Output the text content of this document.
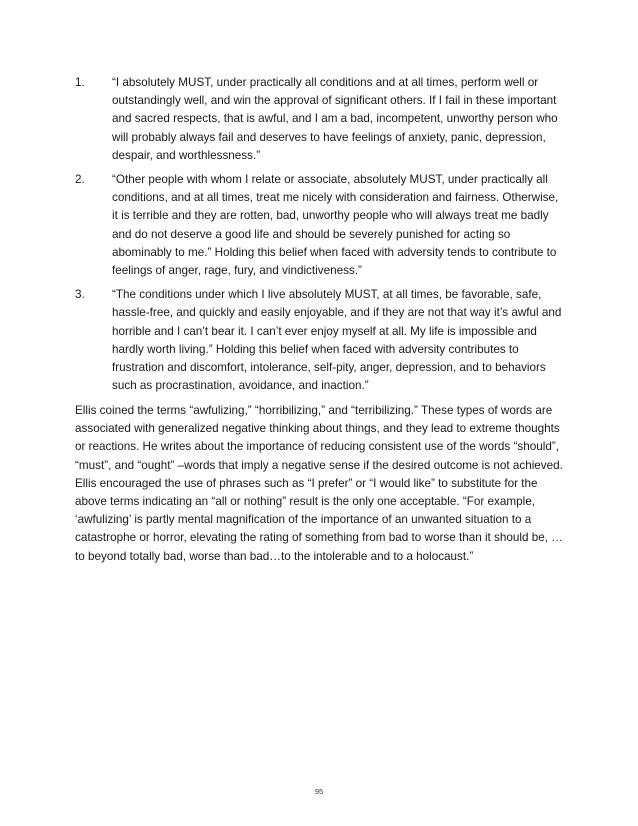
1. “I absolutely MUST, under practically all conditions and at all times, perform well or outstandingly well, and win the approval of significant others. If I fail in these important and sacred respects, that is awful, and I am a bad, incompetent, unworthy person who will probably always fail and deserves to have feelings of anxiety, panic, depression, despair, and worthlessness.”
2. “Other people with whom I relate or associate, absolutely MUST, under practically all conditions, and at all times, treat me nicely with consideration and fairness. Otherwise, it is terrible and they are rotten, bad, unworthy people who will always treat me badly and do not deserve a good life and should be severely punished for acting so abominably to me.” Holding this belief when faced with adversity tends to contribute to feelings of anger, rage, fury, and vindictiveness.”
3. “The conditions under which I live absolutely MUST, at all times, be favorable, safe, hassle-free, and quickly and easily enjoyable, and if they are not that way it’s awful and horrible and I can’t bear it. I can’t ever enjoy myself at all. My life is impossible and hardly worth living.” Holding this belief when faced with adversity contributes to frustration and discomfort, intolerance, self-pity, anger, depression, and to behaviors such as procrastination, avoidance, and inaction.”

Ellis coined the terms “awfulizing,” “horribilizing,” and “terribilizing.” These types of words are associated with generalized negative thinking about things, and they lead to extreme thoughts or reactions. He writes about the importance of reducing consistent use of the words “should”, “must”, and “ought” –words that imply a negative sense if the desired outcome is not achieved. Ellis encouraged the use of phrases such as “I prefer” or “I would like” to substitute for the above terms indicating an “all or nothing” result is the only one acceptable. “For example, ‘awfulizing’ is partly mental magnification of the importance of an unwanted situation to a catastrophe or horror, elevating the rating of something from bad to worse than it should be, …to beyond totally bad, worse than bad…to the intolerable and to a holocaust.”

95
